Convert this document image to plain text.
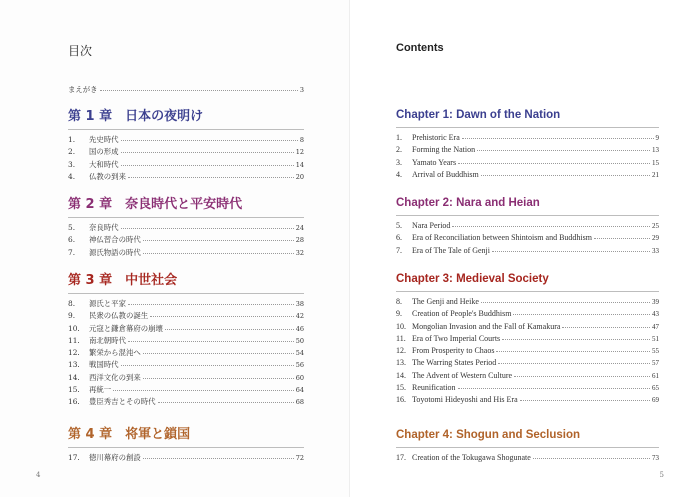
目次
まえがき	3
第 1 章　日本の夜明け
1.	先史時代	8
2.	国の形成	12
3.	大和時代	14
4.	仏教の到来	20
第 2 章　奈良時代と平安時代
5.	奈良時代	24
6.	神仏習合の時代	28
7.	源氏物語の時代	32
第 3 章　中世社会
8.	源氏と平家	38
9.	民衆の仏教の誕生	42
10.	元寇と鎌倉幕府の崩壊	46
11.	南北朝時代	50
12.	繁栄から混沌へ	54
13.	戦国時代	56
14.	西洋文化の到来	60
15.	再統一	64
16.	豊臣秀吉とその時代	68
第 4 章　将軍と鎖国
17.	徳川幕府の創設	72
4
Contents
Chapter 1: Dawn of the Nation
1.	Prehistoric Era	9
2.	Forming the Nation	13
3.	Yamato Years	15
4.	Arrival of Buddhism	21
Chapter 2: Nara and Heian
5.	Nara Period	25
6.	Era of Reconciliation between Shintoism and Buddhism	29
7.	Era of The Tale of Genji	33
Chapter 3: Medieval Society
8.	The Genji and Heike	39
9.	Creation of People's Buddhism	43
10. Mongolian Invasion and the Fall of Kamakura	47
11. Era of Two Imperial Courts	51
12. From Prosperity to Chaos	55
13. The Warring States Period	57
14. The Advent of Western Culture	61
15. Reunification	65
16. Toyotomi Hideyoshi and His Era	69
Chapter 4: Shogun and Seclusion
17. Creation of the Tokugawa Shogunate	73
5
